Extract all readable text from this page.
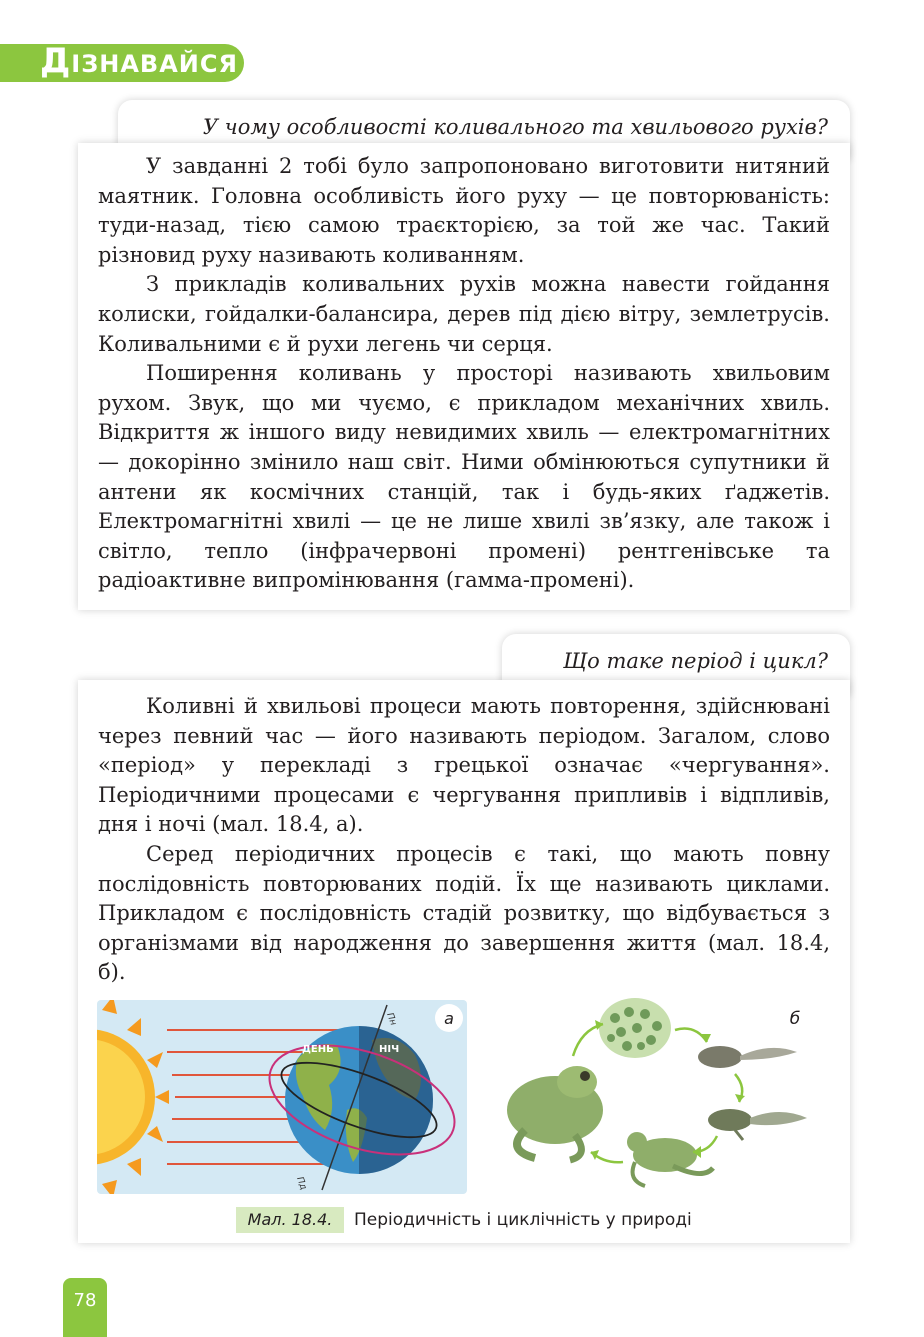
ДІЗНАВАЙСЯ
У чому особливості коливального та хвильового рухів?

У завданні 2 тобі було запропоновано виготовити нитяний маятник. Головна особливість його руху — це повторюваність: туди-назад, тією самою траєкторією, за той же час. Такий різновид руху називають коливанням.

З прикладів коливальних рухів можна навести гойдання колиски, гойдалки-балансира, дерев під дією вітру, землетрусів. Коливальними є й рухи легень чи серця.

Поширення коливань у просторі називають хвильовим рухом. Звук, що ми чуємо, є прикладом механічних хвиль. Відкриття ж іншого виду невидимих хвиль — електромагнітних — докорінно змінило наш світ. Ними обмінюються супутники й антени як космічних станцій, так і будь-яких ґаджетів. Електромагнітні хвилі — це не лише хвилі зв’язку, але також і світло, тепло (інфрачервоні промені) рентгенівське та радіоактивне випромінювання (гамма-промені).

Що таке період і цикл?

Коливні й хвильові процеси мають повторення, здійснювані через певний час — його називають періодом. Загалом, слово «період» у перекладі з грецької означає «чергування». Періодичними процесами є чергування припливів і відпливів, дня і ночі (мал. 18.4, а).

Серед періодичних процесів є такі, що мають повну послідовність повторюваних подій. Їх ще називають циклами. Прикладом є послідовність стадій розвитку, що відбувається з організмами від народження до завершення життя (мал. 18.4, б).

ДЕНЬ	НІЧ
Пн
Пд
а	б
Мал. 18.4.	Періодичність і циклічність у природі
78
